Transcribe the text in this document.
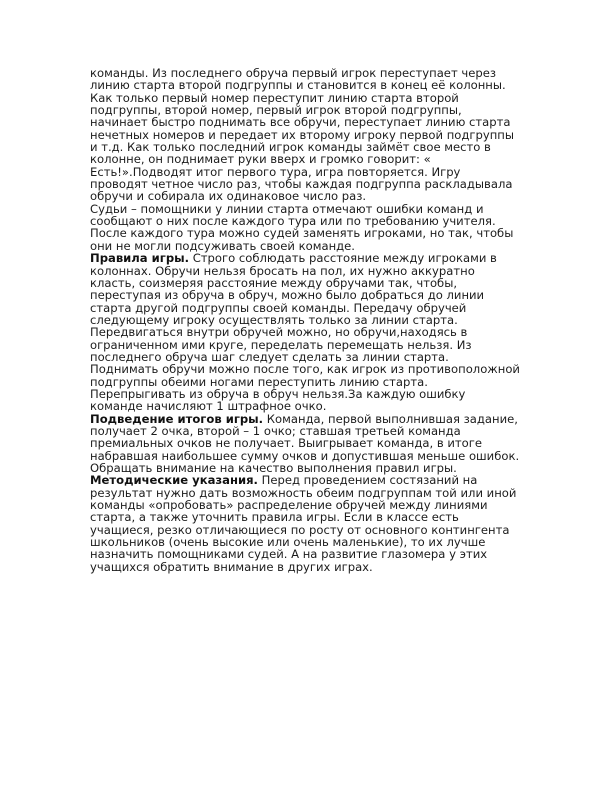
команды. Из последнего обруча первый игрок переступает через линию старта второй подгруппы и становится в конец её колонны. Как только первый номер переступит линию старта второй подгруппы, второй номер, первый игрок второй подгруппы, начинает быстро поднимать все обручи, переступает линию старта нечетных номеров и передает их второму игроку первой подгруппы и т.д. Как только последний игрок команды займёт свое место в колонне, он поднимает руки вверх и громко говорит: « Есть!».Подводят итог первого тура, игра повторяется. Игру проводят четное число раз, чтобы каждая подгруппа раскладывала обручи и собирала их одинаковое число раз.

Судьи – помощники у линии старта отмечают ошибки команд и сообщают о них после каждого тура или по требованию учителя. После каждого тура можно судей заменять игроками, но так, чтобы они не могли подсуживать своей команде.

Правила игры. Строго соблюдать расстояние между игроками в колоннах. Обручи нельзя бросать на пол, их нужно аккуратно класть, соизмеряя расстояние между обручами так, чтобы, переступая из обруча в обруч, можно было добраться до линии старта другой подгруппы своей команды. Передачу обручей следующему игроку осуществлять только за линии старта. Передвигаться внутри обручей можно, но обручи,находясь в ограниченном ими круге, переделать перемещать нельзя. Из последнего обруча шаг следует сделать за линии старта. Поднимать обручи можно после того, как игрок из противоположной подгруппы обеими ногами переступить линию старта. Перепрыгивать из обруча в обруч нельзя.За каждую ошибку команде начисляют 1 штрафное очко.

Подведение итогов игры. Команда, первой выполнившая задание, получает 2 очка, второй – 1 очко; ставшая третьей команда премиальных очков не получает. Выигрывает команда, в итоге набравшая наибольшее сумму очков и допустившая меньше ошибок. Обращать внимание на качество выполнения правил игры.

Методические указания. Перед проведением состязаний на результат нужно дать возможность обеим подгруппам той или иной команды «опробовать» распределение обручей между линиями старта, а также уточнить правила игры. Если в классе есть учащиеся, резко отличающиеся по росту от основного контингента школьников (очень высокие или очень маленькие), то их лучше назначить помощниками судей. А на развитие глазомера у этих учащихся обратить внимание в других играх.
